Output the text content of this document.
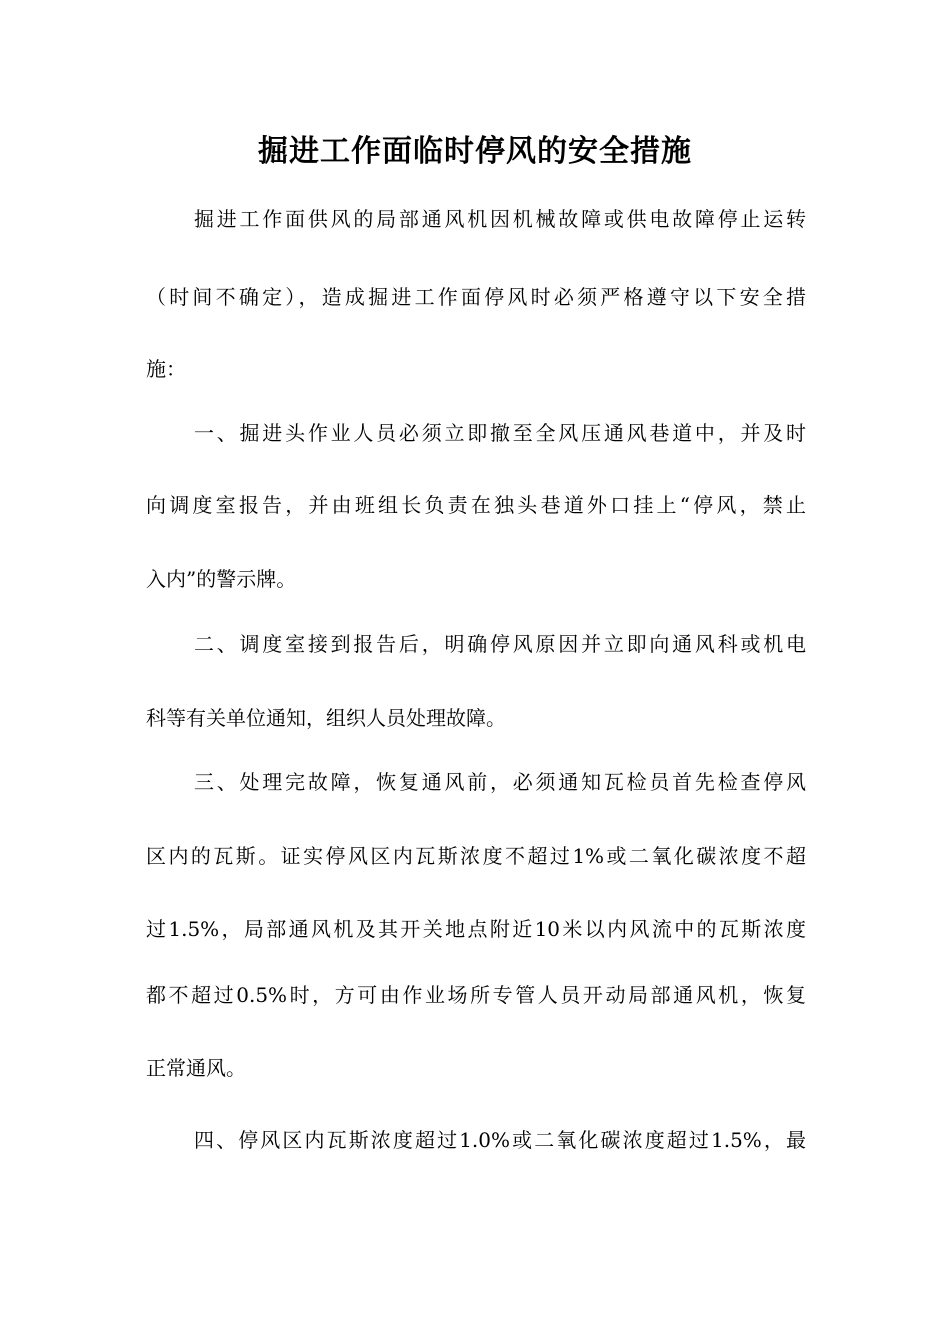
掘进工作面临时停风的安全措施
掘进工作面供风的局部通风机因机械故障或供电故障停止运转
（时间不确定），造成掘进工作面停风时必须严格遵守以下安全措
施：
一、掘进头作业人员必须立即撤至全风压通风巷道中，并及时
向调度室报告，并由班组长负责在独头巷道外口挂上“停风，禁止
入内”的警示牌。
二、调度室接到报告后，明确停风原因并立即向通风科或机电
科等有关单位通知，组织人员处理故障。
三、处理完故障，恢复通风前，必须通知瓦检员首先检查停风
区内的瓦斯。证实停风区内瓦斯浓度不超过1%或二氧化碳浓度不超
过1.5%，局部通风机及其开关地点附近10米以内风流中的瓦斯浓度
都不超过0.5%时，方可由作业场所专管人员开动局部通风机，恢复
正常通风。
四、停风区内瓦斯浓度超过1.0%或二氧化碳浓度超过1.5%，最
